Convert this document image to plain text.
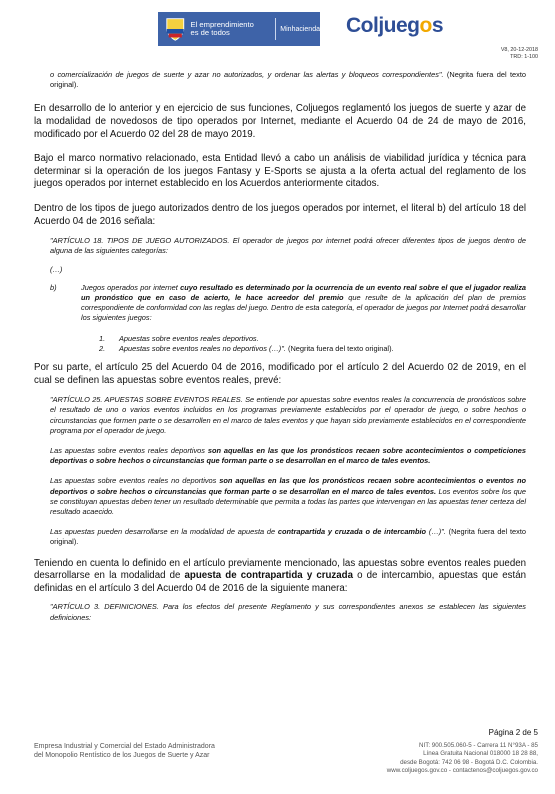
El emprendimiento
es de todos	Minhacienda Coljuegos
V8, 20-12-2018
TRD: 1-100

o comercialización de juegos de suerte y azar no autorizados, y ordenar las alertas y bloqueos correspondientes". (Negrita fuera del texto original).

En desarrollo de lo anterior y en ejercicio de sus funciones, Coljuegos reglamentó los juegos de suerte y azar de la modalidad de novedosos de tipo operados por Internet, mediante el Acuerdo 04 de 24 de mayo de 2016, modificado por el Acuerdo 02 del 28 de mayo 2019.

Bajo el marco normativo relacionado, esta Entidad llevó a cabo un análisis de viabilidad jurídica y técnica para determinar si la operación de los juegos Fantasy y E-Sports se ajusta a la oferta actual del reglamento de los juegos operados por internet establecido en los Acuerdos anteriormente citados.

Dentro de los tipos de juego autorizados dentro de los juegos operados por internet, el literal b) del artículo 18 del Acuerdo 04 de 2016 señala:

"ARTÍCULO 18. TIPOS DE JUEGO AUTORIZADOS. El operador de juegos por internet podrá ofrecer diferentes tipos de juegos dentro de alguna de las siguientes categorías:

(…)

b)	Juegos operados por internet cuyo resultado es determinado por la ocurrencia de un evento real sobre el que el jugador realiza un pronóstico que en caso de acierto, le hace acreedor del premio que resulte de la aplicación del plan de premios correspondiente de conformidad con las reglas del juego. Dentro de esta categoría, el operador de juegos por Internet podrá desarrollar los siguientes juegos:

1.	Apuestas sobre eventos reales deportivos.
2.	Apuestas sobre eventos reales no deportivos (…)". (Negrita fuera del texto original).

Por su parte, el artículo 25 del Acuerdo 04 de 2016, modificado por el artículo 2 del Acuerdo 02 de 2019, en el cual se definen las apuestas sobre eventos reales, prevé:

"ARTÍCULO 25. APUESTAS SOBRE EVENTOS REALES. Se entiende por apuestas sobre eventos reales la concurrencia de pronósticos sobre el resultado de uno o varios eventos incluidos en los programas previamente establecidos por el operador de juego, o sobre hechos o circunstancias que formen parte o se desarrollen en el marco de tales eventos y que hayan sido previamente establecidos en el correspondiente programa por el operador de juego.

Las apuestas sobre eventos reales deportivos son aquellas en las que los pronósticos recaen sobre acontecimientos o competiciones deportivas o sobre hechos o circunstancias que forman parte o se desarrollan en el marco de tales eventos.

Las apuestas sobre eventos reales no deportivos son aquellas en las que los pronósticos recaen sobre acontecimientos o eventos no deportivos o sobre hechos o circunstancias que forman parte o se desarrollan en el marco de tales eventos. Los eventos sobre los que se constituyan apuestas deben tener un resultado determinable que permita a todas las partes que intervengan en las apuestas tener certeza del resultado acaecido.

Las apuestas pueden desarrollarse en la modalidad de apuesta de contrapartida y cruzada o de intercambio (…)". (Negrita fuera del texto original).

Teniendo en cuenta lo definido en el artículo previamente mencionado, las apuestas sobre eventos reales pueden desarrollarse en la modalidad de apuesta de contrapartida y cruzada o de intercambio, apuestas que están definidas en el artículo 3 del Acuerdo 04 de 2016 de la siguiente manera:

"ARTÍCULO 3. DEFINICIONES. Para los efectos del presente Reglamento y sus correspondientes anexos se establecen las siguientes definiciones:

Página 2 de 5
Empresa Industrial y Comercial del Estado Administradora
del Monopolio Rentístico de los Juegos de Suerte y Azar
NIT: 900.505.060-5 - Carrera 11 N°93A - 85
Línea Gratuita Nacional 018000 18 28 88,
desde Bogotá: 742 06 98 - Bogotá D.C. Colombia.
www.coljuegos.gov.co - contactenos@coljuegos.gov.co
